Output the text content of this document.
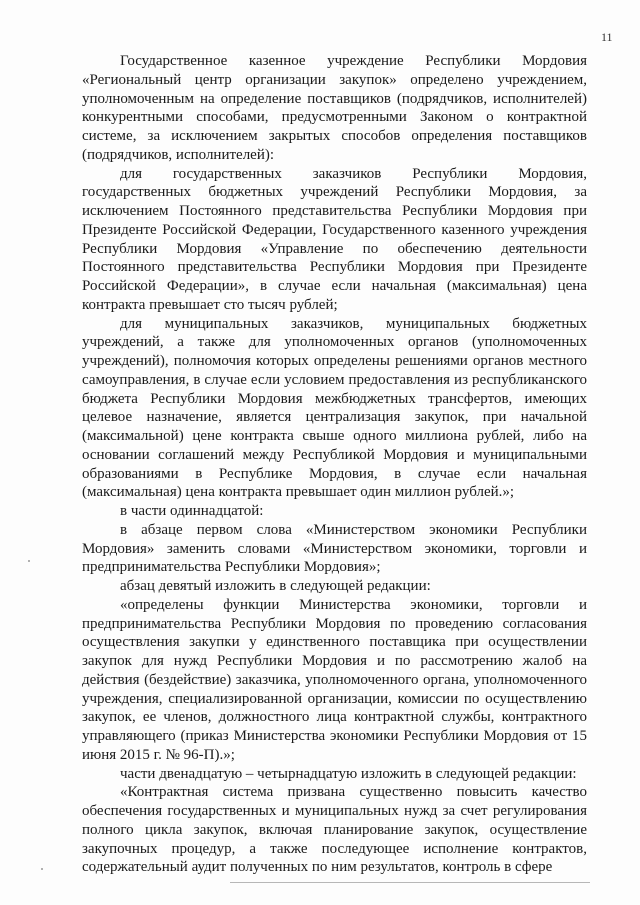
11

Государственное казенное учреждение Республики Мордовия «Региональный центр организации закупок» определено учреждением, уполномоченным на определение поставщиков (подрядчиков, исполнителей) конкурентными способами, предусмотренными Законом о контрактной системе, за исключением закрытых способов определения поставщиков (подрядчиков, исполнителей):

для государственных заказчиков Республики Мордовия, государственных бюджетных учреждений Республики Мордовия, за исключением Постоянного представительства Республики Мордовия при Президенте Российской Федерации, Государственного казенного учреждения Республики Мордовия «Управление по обеспечению деятельности Постоянного представительства Республики Мордовия при Президенте Российской Федерации», в случае если начальная (максимальная) цена контракта превышает сто тысяч рублей;

для муниципальных заказчиков, муниципальных бюджетных учреждений, а также для уполномоченных органов (уполномоченных учреждений), полномочия которых определены решениями органов местного самоуправления, в случае если условием предоставления из республиканского бюджета Республики Мордовия межбюджетных трансфертов, имеющих целевое назначение, является централизация закупок, при начальной (максимальной) цене контракта свыше одного миллиона рублей, либо на основании соглашений между Республикой Мордовия и муниципальными образованиями в Республике Мордовия, в случае если начальная (максимальная) цена контракта превышает один миллион рублей.»;

в части одиннадцатой:

в абзаце первом слова «Министерством экономики Республики Мордовия» заменить словами «Министерством экономики, торговли и предпринимательства Республики Мордовия»;

абзац девятый изложить в следующей редакции:

«определены функции Министерства экономики, торговли и предпринимательства Республики Мордовия по проведению согласования осуществления закупки у единственного поставщика при осуществлении закупок для нужд Республики Мордовия и по рассмотрению жалоб на действия (бездействие) заказчика, уполномоченного органа, уполномоченного учреждения, специализированной организации, комиссии по осуществлению закупок, ее членов, должностного лица контрактной службы, контрактного управляющего (приказ Министерства экономики Республики Мордовия от 15 июня 2015 г. № 96-П).»;

части двенадцатую – четырнадцатую изложить в следующей редакции:

«Контрактная система призвана существенно повысить качество обеспечения государственных и муниципальных нужд за счет регулирования полного цикла закупок, включая планирование закупок, осуществление закупочных процедур, а также последующее исполнение контрактов, содержательный аудит полученных по ним результатов, контроль в сфере
